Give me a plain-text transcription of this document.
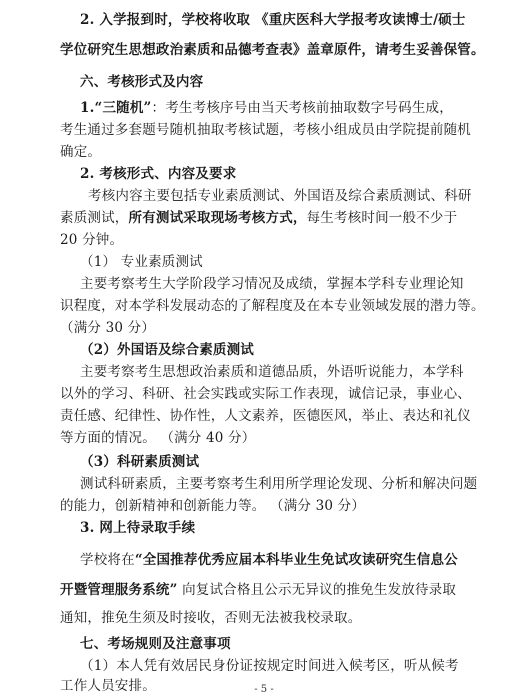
2. 入学报到时，学校将收取 《重庆医科大学报考攻读博士/硕士
学位研究生思想政治素质和品德考查表》盖章原件，请考生妥善保管。
六、考核形式及内容
1.“三随机”：考生考核序号由当天考核前抽取数字号码生成，
考生通过多套题号随机抽取考核试题，考核小组成员由学院提前随机
确定。
2. 考核形式、内容及要求
考核内容主要包括专业素质测试、外国语及综合素质测试、科研
素质测试，所有测试采取现场考核方式，每生考核时间一般不少于
20 分钟。
（1） 专业素质测试
主要考察考生大学阶段学习情况及成绩，掌握本学科专业理论知
识程度，对本学科发展动态的了解程度及在本专业领域发展的潜力等。
（满分 30 分）
（2）外国语及综合素质测试
主要考察考生思想政治素质和道德品质，外语听说能力，本学科
以外的学习、科研、社会实践或实际工作表现，诚信记录，事业心、
责任感、纪律性、协作性，人文素养，医德医风，举止、表达和礼仪
等方面的情况。 （满分 40 分）
（3）科研素质测试
测试科研素质，主要考察考生利用所学理论发现、分析和解决问题
的能力，创新精神和创新能力等。 （满分 30 分）
3. 网上待录取手续
学校将在“全国推荐优秀应届本科毕业生免试攻读研究生信息公
开暨管理服务系统” 向复试合格且公示无异议的推免生发放待录取
通知，推免生须及时接收，否则无法被我校录取。
七、考场规则及注意事项
（1）本人凭有效居民身份证按规定时间进入候考区，听从候考
工作人员安排。	- 5 -
